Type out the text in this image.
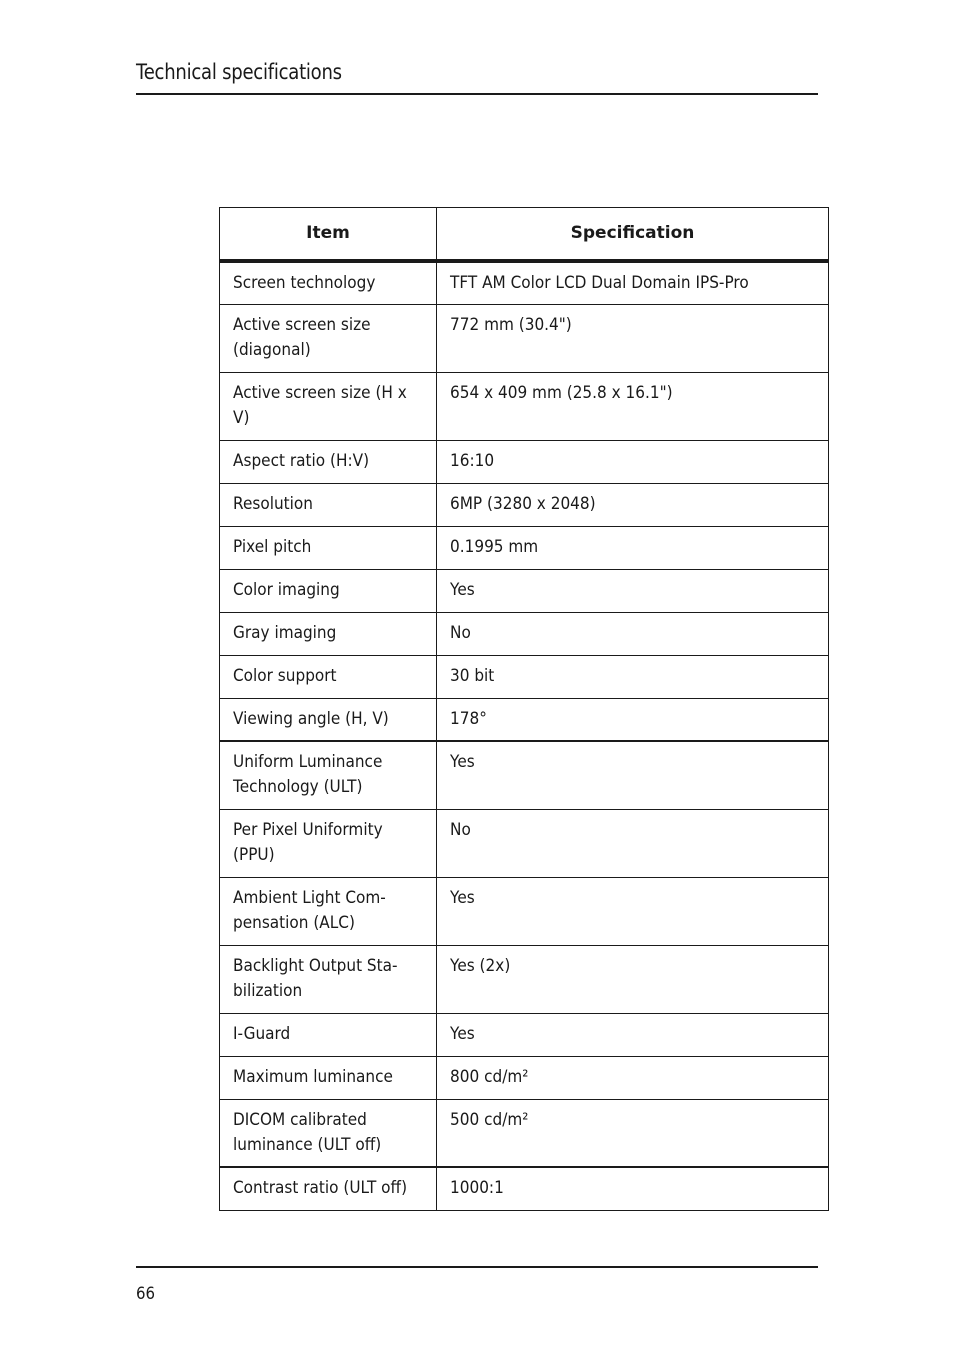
Technical specifications
Item	Specification

Screen technology	TFT AM Color LCD Dual Domain IPS-Pro

Active screen size
(diagonal)	772 mm (30.4")

Active screen size (H x
V)	654 x 409 mm (25.8 x 16.1")

Aspect ratio (H:V)	16:10

Resolution	6MP (3280 x 2048)

Pixel pitch	0.1995 mm

Color imaging	Yes

Gray imaging	No

Color support	30 bit

Viewing angle (H, V)	178°

Uniform Luminance
Technology (ULT)	Yes

Per Pixel Uniformity
(PPU)	No

Ambient Light Com-
pensation (ALC)	Yes

Backlight Output Sta-
bilization	Yes (2x)

I-Guard	Yes

Maximum luminance	800 cd/m²

DICOM calibrated
luminance (ULT off)	500 cd/m²

Contrast ratio (ULT off)	1000:1
66
